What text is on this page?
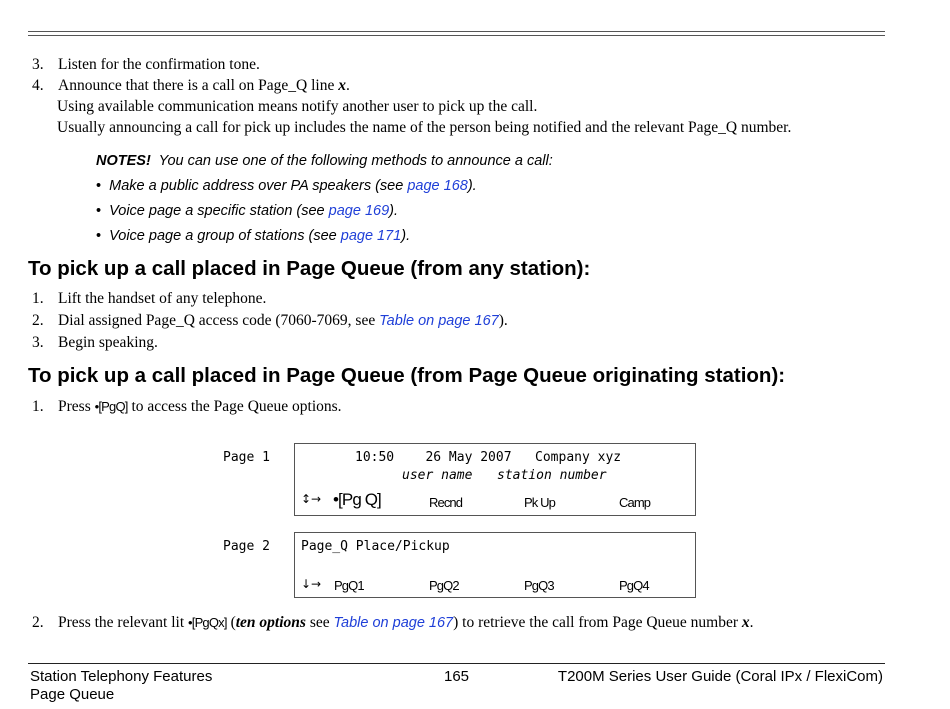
3. Listen for the confirmation tone.
4. Announce that there is a call on Page_Q line x.
Using available communication means notify another user to pick up the call.
Usually announcing a call for pick up includes the name of the person being notified and the relevant Page_Q number.
NOTES! You can use one of the following methods to announce a call:
• Make a public address over PA speakers (see page 168).
• Voice page a specific station (see page 169).
• Voice page a group of stations (see page 171).
To pick up a call placed in Page Queue (from any station):
1. Lift the handset of any telephone.
2. Dial assigned Page_Q access code (7060-7069, see Table on page 167).
3. Begin speaking.
To pick up a call placed in Page Queue (from Page Queue originating station):
1. Press •[PgQ] to access the Page Queue options.
Page 1	10:50    26 May 2007   Company xyz
user name station number
↕→ •[Pg Q]	Recnd	Pk Up	Camp
Page 2 Page_Q Place/Pickup
↓→ PgQ1	PgQ2	PgQ3	PgQ4
2. Press the relevant lit •[PgQx] (ten options see Table on page 167) to retrieve the call from Page Queue number x.
Station Telephony Features
Page Queue
165	T200M Series User Guide (Coral IPx / FlexiCom)
